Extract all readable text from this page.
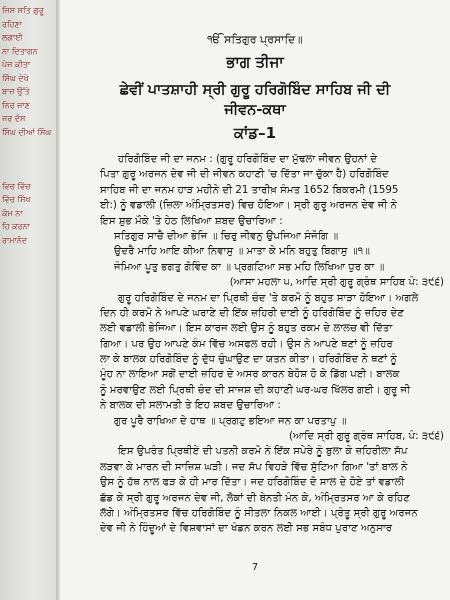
ਜਿਸ ਸਤਿ ਗੁਰੂ
ਰਹਿਣਾ
ਲਗਾਈ
ਨਾ ਦਿਤਾਗਨ
ਪੇਜ ਕੀਤਾ
ਸਿੰਘ ਦੇਖੇ
ਬਾਜ਼ ਉੱਤੇ
ਨਿਰ ਜਾਣ
ਜਰ ਦੱਸ
ਸਿੰਘ ਦੀਆਂ ਸਿੰਘ
ਵਿਚ ਵਿੱਚ
ਵਿੱਚ ਸਿੱਖ
ਕੰਮ ਨਾ
ਹਿ ਕਰਨਾ
ਰਾਮਾਨੰਦ
ੴ ਸਤਿਗੁਰ ਪ੍ਰਸਾਦਿ॥
ਭਾਗ ਤੀਜਾ
ਛੇਵੀਂ ਪਾਤਸ਼ਾਹੀ ਸ੍ਰੀ ਗੁਰੂ ਹਰਿਗੋਬਿੰਦ ਸਾਹਿਬ ਜੀ ਦੀ
ਜੀਵਨ-ਕਥਾ
ਕਾਂਡ–1
ਹਰਿਗੋਬਿੰਦ ਜੀ ਦਾ ਜਨਮ : (ਗੁਰੂ ਹਰਿਗੋਬਿੰਦ ਦਾ ਮੁੱਢਲਾ ਜੀਵਨ ਉਹਨਾਂ ਦੇ
ਪਿਤਾ ਗੁਰੂ ਅਰਜਨ ਦੇਵ ਜੀ ਦੀ ਜੀਵਨ ਕਹਾਣੀ 'ਚ ਦਿੱਤਾ ਜਾ ਚੁੱਕਾ ਹੈ) ਹਰਿਗੋਬਿੰਦ
ਸਾਹਿਬ ਜੀ ਦਾ ਜਨਮ ਹਾੜ ਮਹੀਨੇ ਦੀ 21 ਤਾਰੀਖ਼ ਸੰਮਤ 1652 ਬਿਕਰਮੀ (1595
ਈ:) ਨੂੰ ਵਡਾਲੀ (ਜ਼ਿਲਾ ਅੰਮ੍ਰਿਤਸਰ) ਵਿਚ ਹੋਇਆ। ਸ੍ਰੀ ਗੁਰੂ ਅਰਜਨ ਦੇਵ ਜੀ ਨੇ
ਇਸ ਸ਼ੁਭ ਮੌਕੇ 'ਤੇ ਹੇਠ ਲਿਖਿਆ ਸ਼ਬਦ ਉਚਾਰਿਆ :
ਸਤਿਗੁਰ ਸਾਚੈ ਦੀਆ ਭੇਜਿ ॥ ਚਿਰੁ ਜੀਵਨੁ ਉਪਜਿਆ ਸੰਜੋਗਿ ॥
ਉਦਰੈ ਮਾਹਿ ਆਇ ਕੀਆ ਨਿਵਾਸੁ ॥ ਮਾਤਾ ਕੇ ਮਨਿ ਬਹੁਤੁ ਬਿਗਾਸੁ ॥੧॥
ਜੰਮਿਆ ਪੂਤੁ ਭਗਤੁ ਗੋਵਿੰਦ ਕਾ ॥ ਪ੍ਰਗਟਿਆ ਸਭ ਮਹਿ ਲਿਖਿਆ ਧੁਰ ਕਾ ॥
(ਆਸਾ ਮਹਲਾ ੫, ਆਦਿ ਸ੍ਰੀ ਗੁਰੂ ਗ੍ਰੰਥ ਸਾਹਿਬ ਪੰ: ੩੯੬)
ਗੁਰੂ ਹਰਿਗੋਬਿੰਦ ਦੇ ਜਨਮ ਦਾ ਪ੍ਰਿਥੀ ਚੰਦ 'ਤੇ ਕਰਮੋ ਨੂੰ ਬਹੁਤ ਸਾੜਾ ਹੋਇਆ। ਅਗਲੇ
ਦਿਨ ਹੀ ਕਰਮੋ ਨੇ ਆਪਣੇ ਘਰਾਣੇ ਦੀ ਇੱਕ ਜ਼ਹਿਰੀ ਦਾਈ ਨੂੰ ਹਰਿਗੋਬਿੰਦ ਨੂੰ ਜ਼ਹਿਰ ਦੇਣ
ਲਈ ਵਡਾਲੀ ਭੇਜਿਆ। ਇਸ ਕਾਰਜ ਲਈ ਉਸ ਨੂੰ ਬਹੁਤ ਰਕਮ ਦੇ ਲਾਲਚ ਵੀ ਦਿੱਤਾ
ਗਿਆ। ਪਰ ਉਹ ਆਪਣੇ ਕੰਮ ਵਿੱਚ ਅਸਫਲ ਰਹੀ। ਉਸ ਨੇ ਆਪਣੇ ਥਣਾਂ ਨੂੰ ਜ਼ਹਿਰ
ਲਾ ਕੇ ਬਾਲਕ ਹਰਿਗੋਬਿੰਦ ਨੂੰ ਦੁੱਧ ਚੁੰਘਾਉਣ ਦਾ ਯਤਨ ਕੀਤਾ। ਹਰਿਗੋਬਿੰਦ ਨੇ ਥਣਾਂ ਨੂੰ
ਮੂੰਹ ਨਾ ਲਾਇਆ ਸਗੋਂ ਦਾਈ ਜ਼ਹਿਰ ਦੇ ਅਸਰ ਕਾਰਨ ਬੇਹੋਸ਼ ਹੋ ਕੇ ਡਿੱਗ ਪਈ। ਬਾਲਕ
ਨੂੰ ਮਰਵਾਉਣ ਲਈ ਪ੍ਰਿਥੀ ਚੰਦ ਦੀ ਸਾਜਸ਼ ਦੀ ਕਹਾਣੀ ਘਰ-ਘਰ ਖਿੱਲਰ ਗਈ। ਗੁਰੂ ਜੀ
ਨੇ ਬਾਲਕ ਦੀ ਸਲਾਮਤੀ ਤੇ ਇਹ ਸ਼ਬਦ ਉਚਾਰਿਆ :
ਗੁਰ ਪੂਰੈ ਰਾਖਿਆ ਦੇ ਹਾਥ ॥ ਪ੍ਰਗਟੁ ਭਇਆ ਜਨ ਕਾ ਪਰਤਾਪੁ ॥
(ਆਦਿ ਸ੍ਰੀ ਗੁਰੂ ਗ੍ਰੰਥ ਸਾਹਿਬ, ਪੰ: ੩੯੬)
ਇਸ ਉਪਰੰਤ ਪ੍ਰਿਥੀਏ ਦੀ ਪਤਨੀ ਕਰਮੋ ਨੇ ਇੱਕ ਸਪੇਰੇ ਨੂੰ ਬੁਲਾ ਕੇ ਜ਼ਹਿਰੀਲਾ ਸੱਪ
ਲੜਵਾ ਕੇ ਮਾਰਨ ਦੀ ਸਾਜ਼ਿਸ਼ ਘੜੀ। ਜਦ ਸੱਪ ਵਿਹੜੇ ਵਿੱਚ ਸੁੱਟਿਆ ਗਿਆ 'ਤਾਂ ਬਾਲ ਨੇ
ਉਸ ਨੂੰ ਹੱਥ ਨਾਲ ਫੜ ਕੇ ਹੀ ਮਾਰ ਦਿੱਤਾ। ਜਦ ਹਰਿਗੋਬਿੰਦ ਦੋ ਸਾਲ ਦੇ ਹੋਏ ਤਾਂ ਵਡਾਲੀ
ਛੱਡ ਕੇ ਸ੍ਰੀ ਗੁਰੂ ਅਰਜਨ ਦੇਵ ਜੀ, ਲੋਕਾਂ ਦੀ ਬੇਨਤੀ ਮੰਨ ਕੇ, ਅੰਮ੍ਰਿਤਸਰ ਆ ਕੇ ਰਹਿਣ
ਲੱਗੇ। ਅੰਮ੍ਰਿਤਸਰ ਵਿੱਚ ਹਰਿਗੋਬਿੰਦ ਨੂੰ ਸੀਤਲਾ ਨਿਕਲ ਆਈ। ਪ੍ਰੰਤੂ ਸ੍ਰੀ ਗੁਰੂ ਅਰਜਨ
ਦੇਵ ਜੀ ਨੇ ਹਿੰਦੂਆਂ ਦੇ ਵਿਸ਼ਵਾਸਾਂ ਦਾ ਖੰਡਨ ਕਰਨ ਲਈ ਸਭ ਸਬੰਧ ਪੁਰਾਣ ਅਨੁਸਾਰ
7
